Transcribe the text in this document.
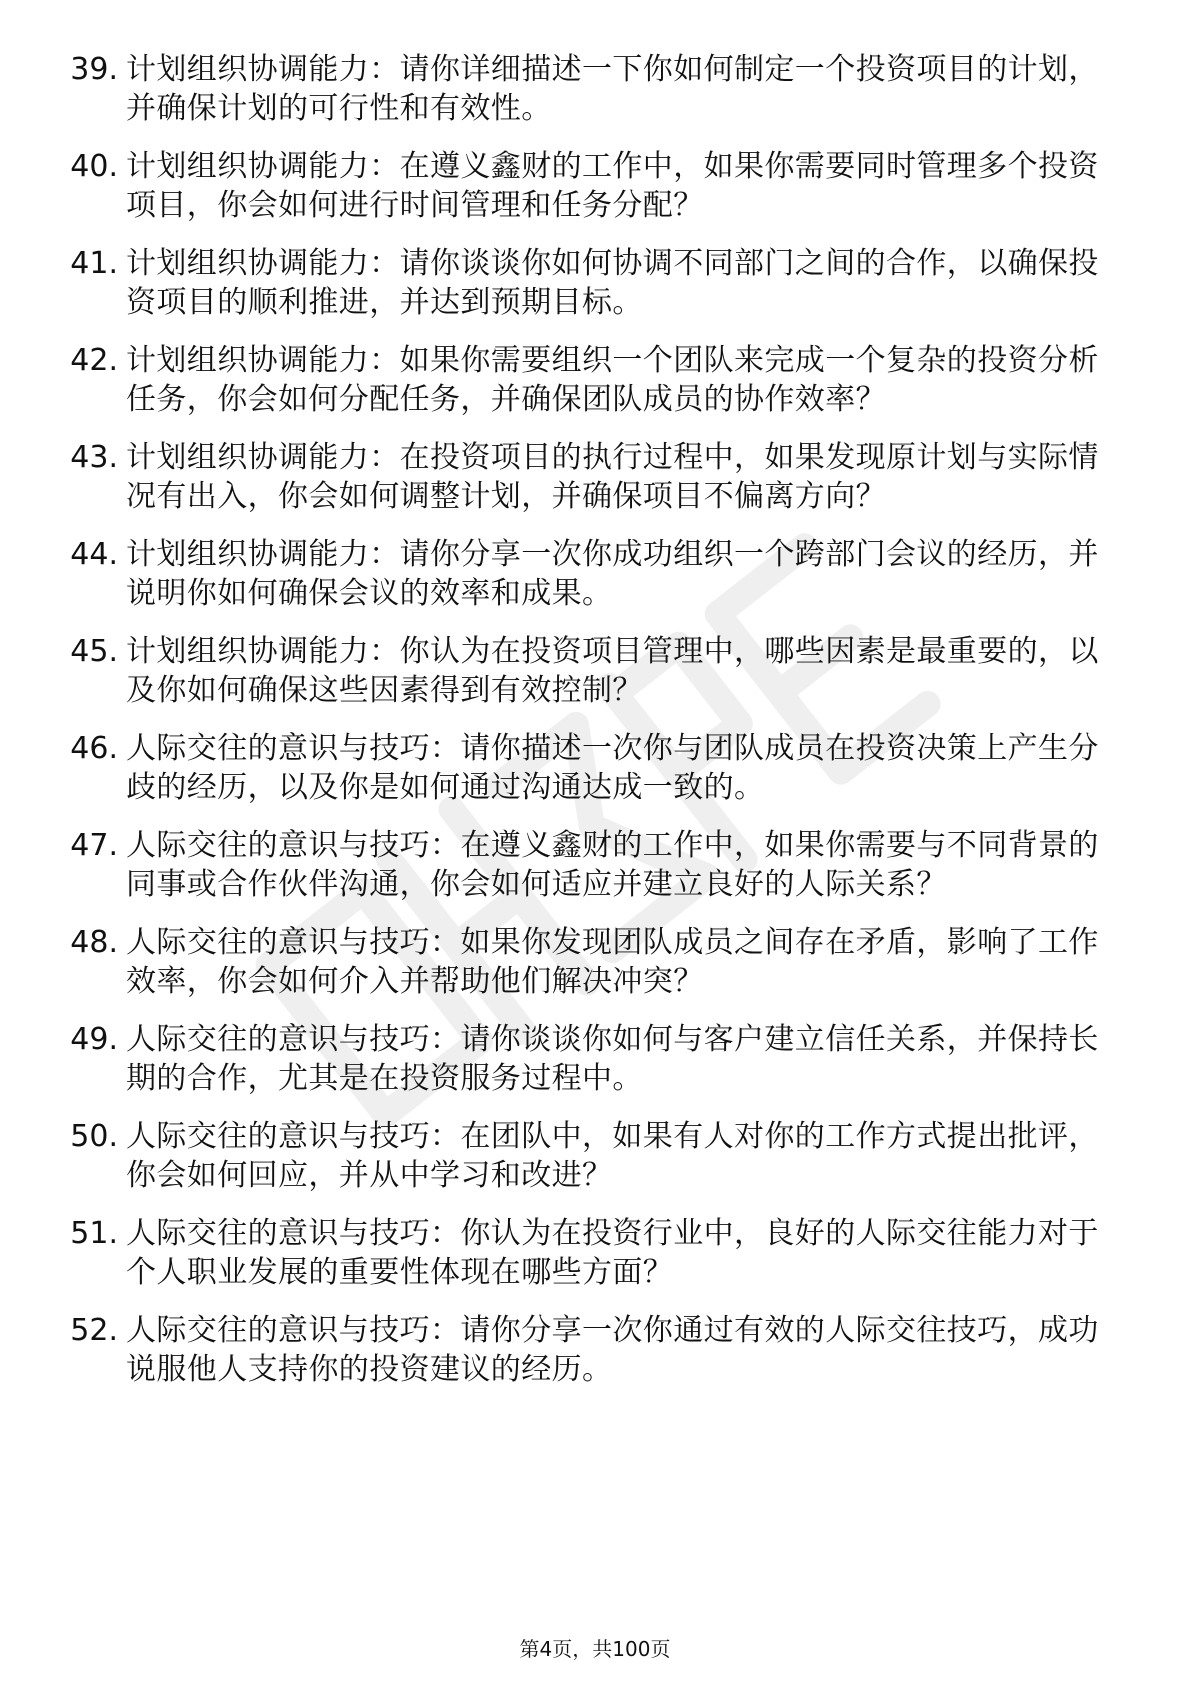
39. 计划组织协调能力：请你详细描述一下你如何制定一个投资项目的计划，并确保计划的可行性和有效性。
40. 计划组织协调能力：在遵义鑫财的工作中，如果你需要同时管理多个投资项目，你会如何进行时间管理和任务分配？
41. 计划组织协调能力：请你谈谈你如何协调不同部门之间的合作，以确保投资项目的顺利推进，并达到预期目标。
42. 计划组织协调能力：如果你需要组织一个团队来完成一个复杂的投资分析任务，你会如何分配任务，并确保团队成员的协作效率？
43. 计划组织协调能力：在投资项目的执行过程中，如果发现原计划与实际情况有出入，你会如何调整计划，并确保项目不偏离方向？
44. 计划组织协调能力：请你分享一次你成功组织一个跨部门会议的经历，并说明你如何确保会议的效率和成果。
45. 计划组织协调能力：你认为在投资项目管理中，哪些因素是最重要的，以及你如何确保这些因素得到有效控制？
46. 人际交往的意识与技巧：请你描述一次你与团队成员在投资决策上产生分歧的经历，以及你是如何通过沟通达成一致的。
47. 人际交往的意识与技巧：在遵义鑫财的工作中，如果你需要与不同背景的同事或合作伙伴沟通，你会如何适应并建立良好的人际关系？
48. 人际交往的意识与技巧：如果你发现团队成员之间存在矛盾，影响了工作效率，你会如何介入并帮助他们解决冲突？
49. 人际交往的意识与技巧：请你谈谈你如何与客户建立信任关系，并保持长期的合作，尤其是在投资服务过程中。
50. 人际交往的意识与技巧：在团队中，如果有人对你的工作方式提出批评，你会如何回应，并从中学习和改进？
51. 人际交往的意识与技巧：你认为在投资行业中，良好的人际交往能力对于个人职业发展的重要性体现在哪些方面？
52. 人际交往的意识与技巧：请你分享一次你通过有效的人际交往技巧，成功说服他人支持你的投资建议的经历。
第4页，共100页
